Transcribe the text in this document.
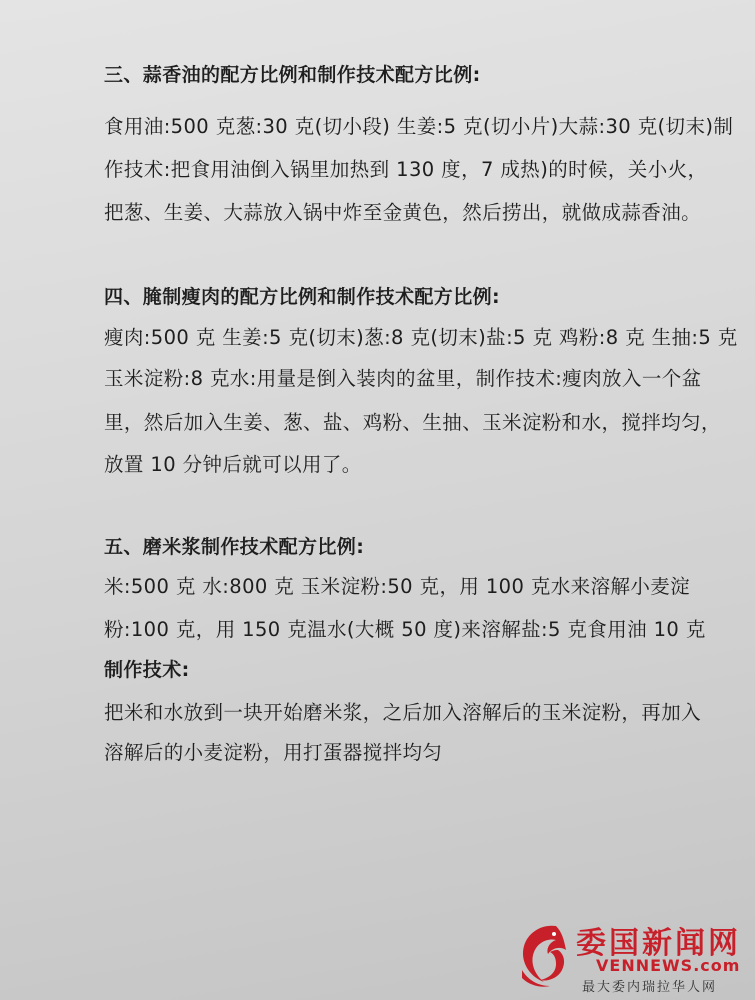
三、蒜香油的配方比例和制作技术配方比例:
食用油:500 克葱:30 克(切小段) 生姜:5 克(切小片)大蒜:30 克(切末)制
作技术:把食用油倒入锅里加热到 130 度，7 成热)的时候，关小火，
把葱、生姜、大蒜放入锅中炸至金黄色，然后捞出，就做成蒜香油。
四、腌制瘦肉的配方比例和制作技术配方比例:
瘦肉:500 克 生姜:5 克(切末)葱:8 克(切末)盐:5 克 鸡粉:8 克 生抽:5 克
玉米淀粉:8 克水:用量是倒入装肉的盆里，制作技术:瘦肉放入一个盆
里，然后加入生姜、葱、盐、鸡粉、生抽、玉米淀粉和水，搅拌均匀，
放置 10 分钟后就可以用了。
五、磨米浆制作技术配方比例:
米:500 克 水:800 克 玉米淀粉:50 克，用 100 克水来溶解小麦淀
粉:100 克，用 150 克温水(大概 50 度)来溶解盐:5 克食用油 10 克
制作技术:
把米和水放到一块开始磨米浆，之后加入溶解后的玉米淀粉，再加入
溶解后的小麦淀粉，用打蛋器搅拌均匀
委国新闻网
VENNEWS.com
最大委内瑞拉华人网
